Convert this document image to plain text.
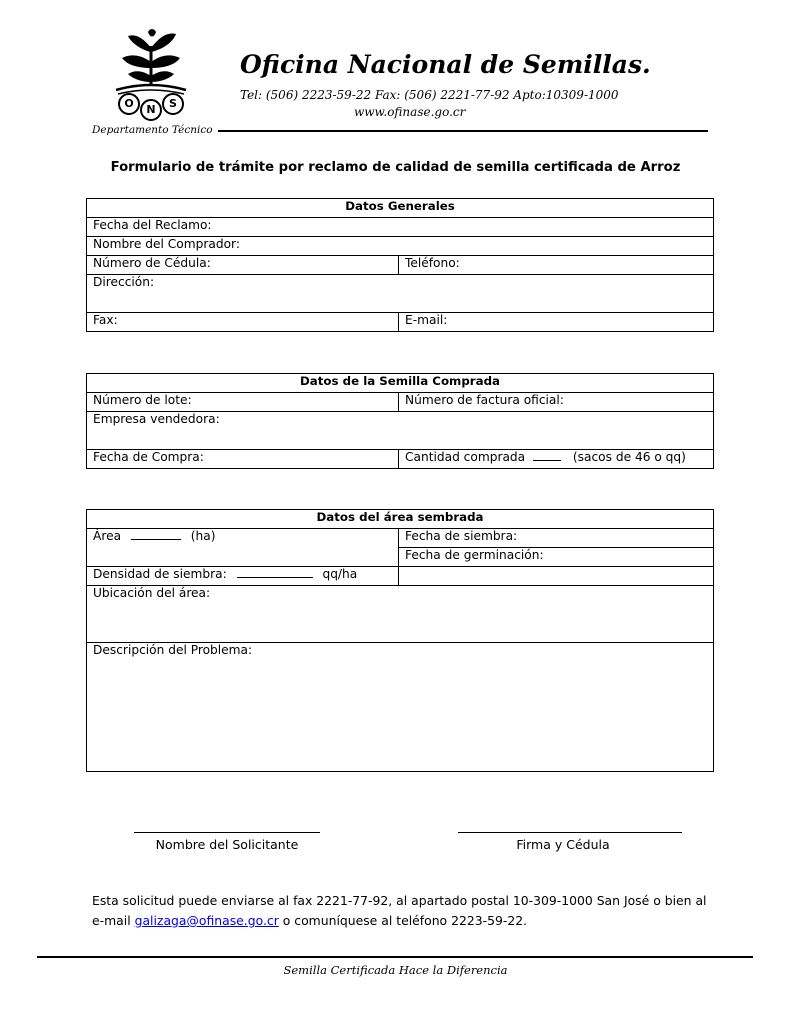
O N S
Oficina Nacional de Semillas.
Tel: (506) 2223-59-22 Fax: (506) 2221-77-92 Apto:10309-1000
www.ofinase.go.cr
Departamento Técnico
Formulario de trámite por reclamo de calidad de semilla certificada de Arroz
Datos Generales	
Fecha del Reclamo:	
Nombre del Comprador:	
Número de Cédula:	Teléfono:
Dirección:	
Fax:	E-mail:
Datos de la Semilla Comprada	
Número de lote:	Número de factura oficial:
Empresa vendedora:	
Fecha de Compra:	Cantidad comprada (sacos de 46 o qq)
Datos del área sembrada	
Área (ha)	Fecha de siembra:
	Fecha de germinación:
Densidad de siembra: qq/ha	
Ubicación del área:	
Descripción del Problema:	
Nombre del Solicitante	Firma y Cédula
Esta solicitud puede enviarse al fax 2221-77-92, al apartado postal 10-309-1000 San José o bien al
e-mail galizaga@ofinase.go.cr o comuníquese al teléfono 2223-59-22.
Semilla Certificada Hace la Diferencia
